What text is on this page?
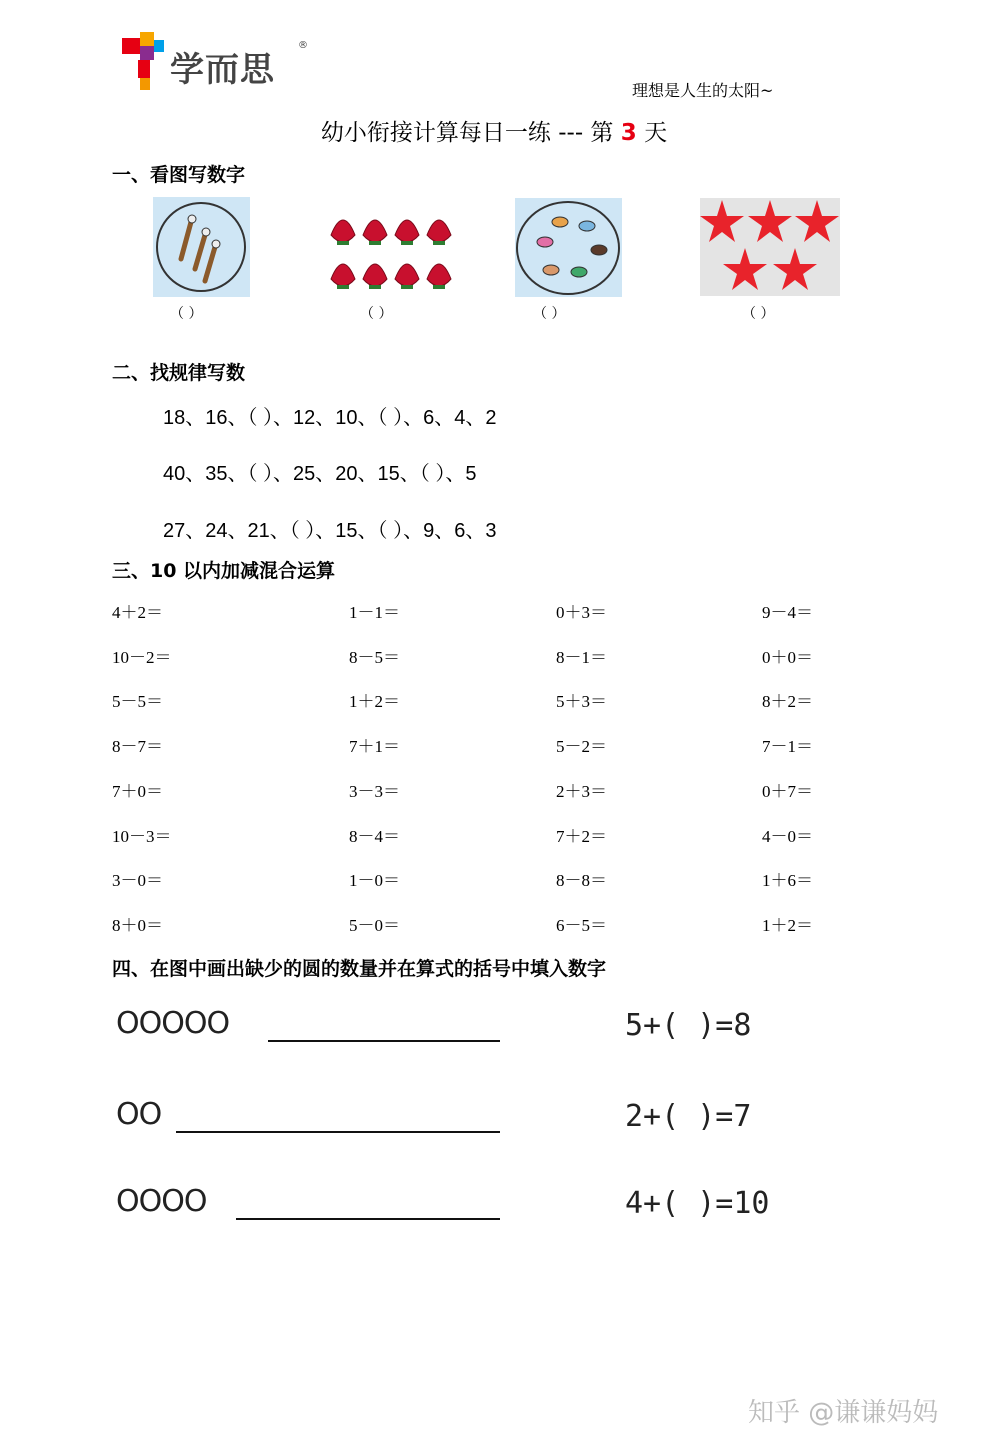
学而思
®
理想是人生的太阳~
幼小衔接计算每日一练 --- 第 3 天
一、看图写数字
（ ）	（ ）	（ ）	（ ）
二、找规律写数
18、16、（ ）、12、10、（ ）、6、4、2
40、35、（ ）、25、20、15、（ ）、5
27、24、21、（ ）、15、（ ）、9、6、3
三、10 以内加减混合运算
4＋2＝	1－1＝	0＋3＝	9－4＝
10－2＝	8－5＝	8－1＝	0＋0＝
5－5＝	1＋2＝	5＋3＝	8＋2＝
8－7＝	7＋1＝	5－2＝	7－1＝
7＋0＝	3－3＝	2＋3＝	0＋7＝
10－3＝	8－4＝	7＋2＝	4－0＝
3－0＝	1－0＝	8－8＝	1＋6＝
8＋0＝	5－0＝	6－5＝	1＋2＝
四、在图中画出缺少的圆的数量并在算式的括号中填入数字
OOOOO	5+( )=8
OO	2+( )=7
OOOO	4+( )=10
知乎 @谦谦妈妈
